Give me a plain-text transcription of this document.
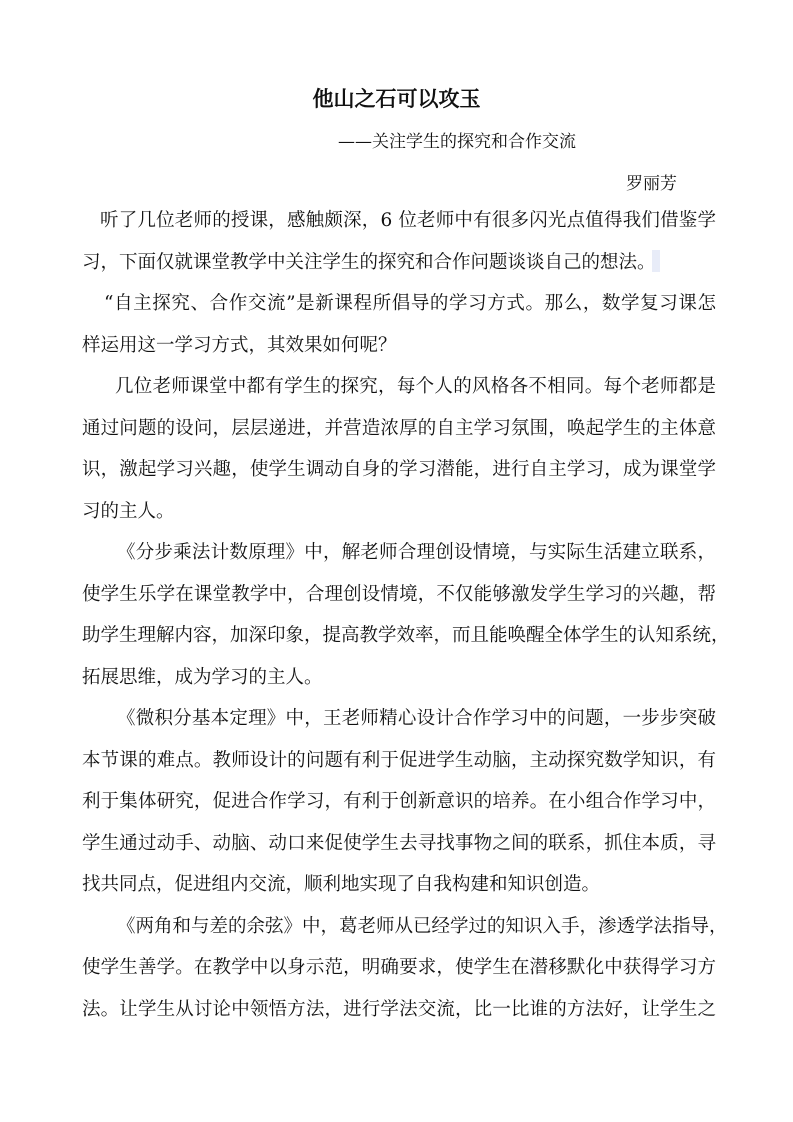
他山之石可以攻玉
——关注学生的探究和合作交流
罗丽芳
听了几位老师的授课，感触颇深，6 位老师中有很多闪光点值得我们借鉴学
习，下面仅就课堂教学中关注学生的探究和合作问题谈谈自己的想法。
“自主探究、合作交流”是新课程所倡导的学习方式。那么，数学复习课怎
样运用这一学习方式，其效果如何呢？
几位老师课堂中都有学生的探究，每个人的风格各不相同。每个老师都是
通过问题的设问，层层递进，并营造浓厚的自主学习氛围，唤起学生的主体意
识，激起学习兴趣，使学生调动自身的学习潜能，进行自主学习，成为课堂学
习的主人。
《分步乘法计数原理》中，解老师合理创设情境，与实际生活建立联系，
使学生乐学在课堂教学中，合理创设情境，不仅能够激发学生学习的兴趣，帮
助学生理解内容，加深印象，提高教学效率，而且能唤醒全体学生的认知系统，
拓展思维，成为学习的主人。
《微积分基本定理》中，王老师精心设计合作学习中的问题，一步步突破
本节课的难点。教师设计的问题有利于促进学生动脑，主动探究数学知识，有
利于集体研究，促进合作学习，有利于创新意识的培养。在小组合作学习中，
学生通过动手、动脑、动口来促使学生去寻找事物之间的联系，抓住本质，寻
找共同点，促进组内交流，顺利地实现了自我构建和知识创造。
《两角和与差的余弦》中，葛老师从已经学过的知识入手，渗透学法指导，
使学生善学。在教学中以身示范，明确要求，使学生在潜移默化中获得学习方
法。让学生从讨论中领悟方法，进行学法交流，比一比谁的方法好，让学生之
